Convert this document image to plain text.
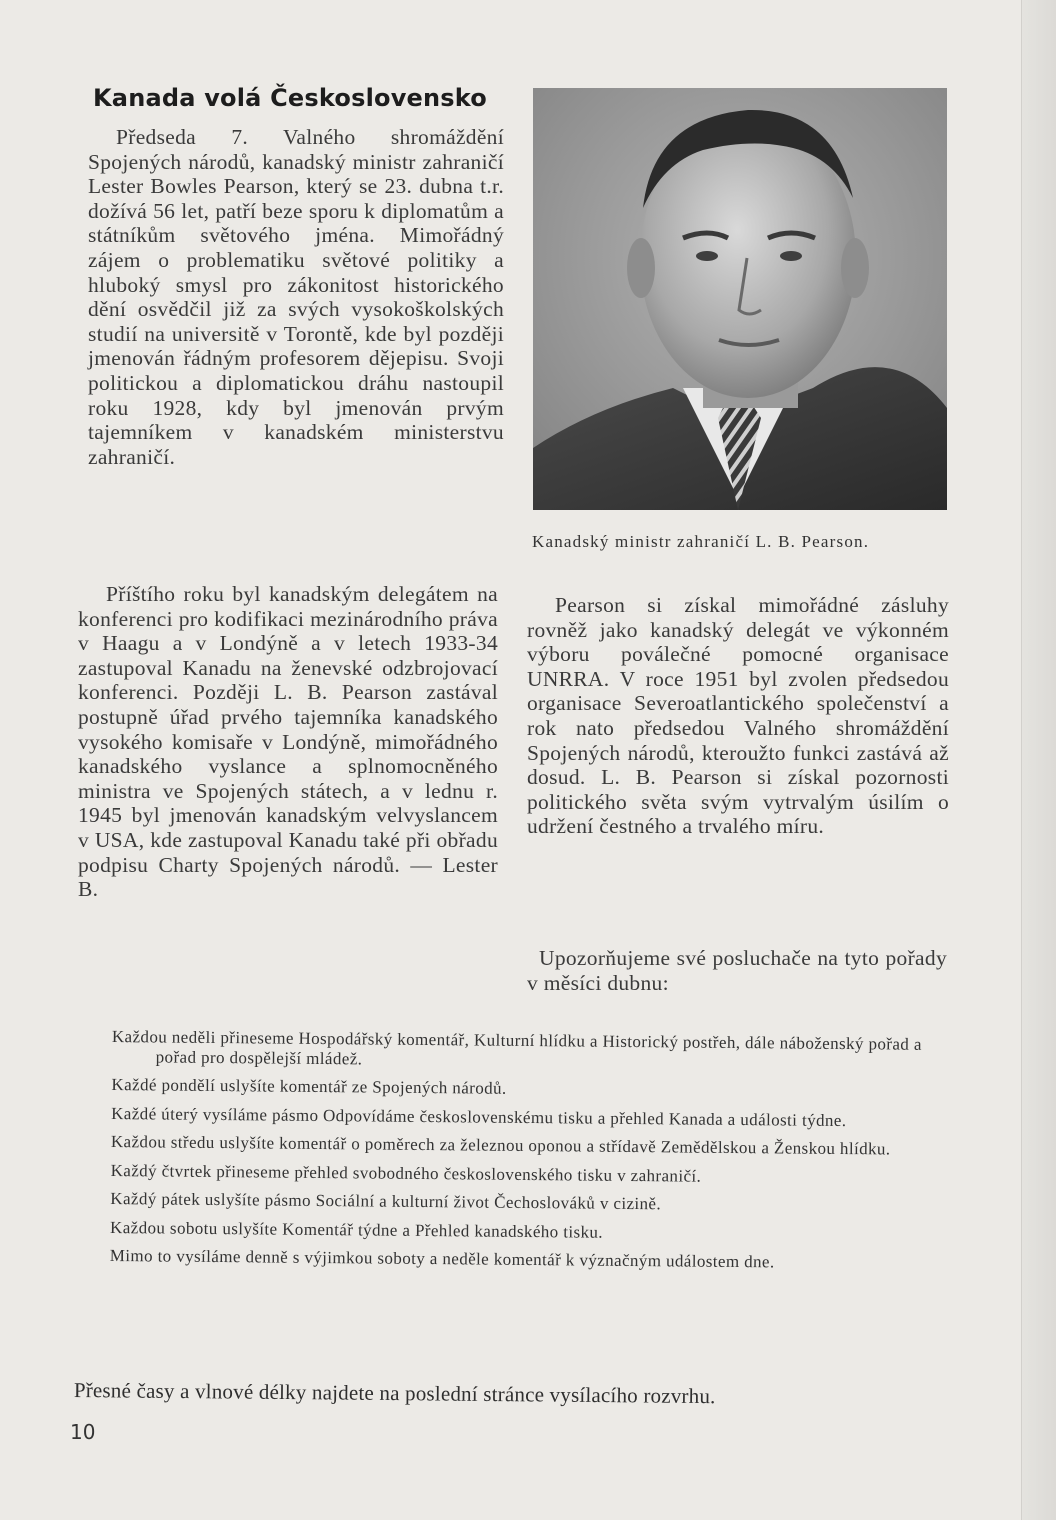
Kanada volá Československo

Předseda 7. Valného shromáždění Spojených národů, kanadský ministr zahraničí Lester Bowles Pearson, který se 23. dubna t.r. dožívá 56 let, patří beze sporu k diplomatům a státníkům světového jména. Mimořádný zájem o problematiku světové politiky a hluboký smysl pro zákonitost historického dění osvědčil již za svých vysokoškolských studií na universitě v Torontě, kde byl později jmenován řádným profesorem dějepisu. Svoji politickou a diplomatickou dráhu nastoupil roku 1928, kdy byl jmenován prvým tajemníkem v kanadském ministerstvu zahraničí.

Příštího roku byl kanadským delegátem na konferenci pro kodifikaci mezinárodního práva v Haagu a v Londýně a v letech 1933-34 zastupoval Kanadu na ženevské odzbrojovací konferenci. Později L. B. Pearson zastával postupně úřad prvého tajemníka kanadského vysokého komisaře v Londýně, mimořádného kanadského vyslance a splnomocněného ministra ve Spojených státech, a v lednu r. 1945 byl jmenován kanadským velvyslancem v USA, kde zastupoval Kanadu také při obřadu podpisu Charty Spojených národů. — Lester B.

Kanadský ministr zahraničí L. B. Pearson.

Pearson si získal mimořádné zásluhy rovněž jako kanadský delegát ve výkonném výboru poválečné pomocné organisace UNRRA. V roce 1951 byl zvolen předsedou organisace Severoatlantického společenství a rok nato předsedou Valného shromáždění Spojených národů, kteroužto funkci zastává až dosud. L. B. Pearson si získal pozornosti politického světa svým vytrvalým úsilím o udržení čestného a trvalého míru.

Upozorňujeme své posluchače na tyto pořady v měsíci dubnu:

Každou neděli přineseme Hospodářský komentář, Kulturní hlídku a Historický postřeh, dále náboženský pořad a pořad pro dospělejší mládež.
Každé pondělí uslyšíte komentář ze Spojených národů.
Každé úterý vysíláme pásmo Odpovídáme československému tisku a přehled Kanada a události týdne.
Každou středu uslyšíte komentář o poměrech za železnou oponou a střídavě Zemědělskou a Ženskou hlídku.
Každý čtvrtek přineseme přehled svobodného československého tisku v zahraničí.
Každý pátek uslyšíte pásmo Sociální a kulturní život Čechoslováků v cizině.
Každou sobotu uslyšíte Komentář týdne a Přehled kanadského tisku.
Mimo to vysíláme denně s výjimkou soboty a neděle komentář k význačným událostem dne.

Přesné časy a vlnové délky najdete na poslední stránce vysílacího rozvrhu.

10
